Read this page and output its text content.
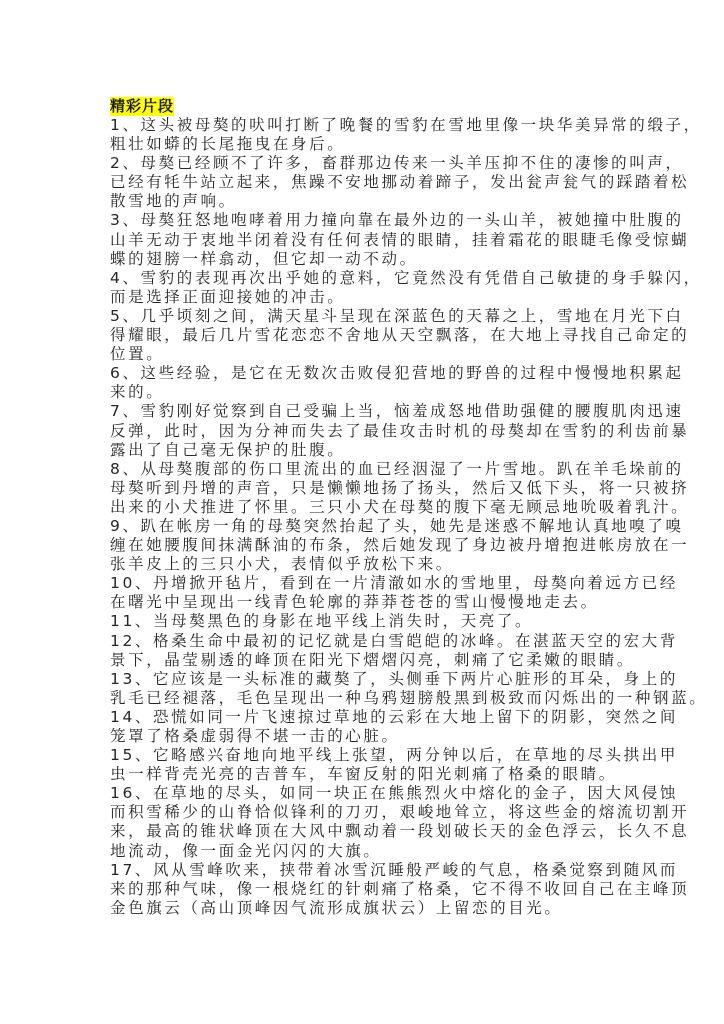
精彩片段
1、这头被母獒的吠叫打断了晚餐的雪豹在雪地里像一块华美异常的缎子，
粗壮如蟒的长尾拖曳在身后。
2、母獒已经顾不了许多，畜群那边传来一头羊压抑不住的凄惨的叫声，
已经有牦牛站立起来，焦躁不安地挪动着蹄子，发出瓮声瓮气的踩踏着松
散雪地的声响。
3、母獒狂怒地咆哮着用力撞向靠在最外边的一头山羊，被她撞中肚腹的
山羊无动于衷地半闭着没有任何表情的眼睛，挂着霜花的眼睫毛像受惊蝴
蝶的翅膀一样翕动，但它却一动不动。
4、雪豹的表现再次出乎她的意料，它竟然没有凭借自己敏捷的身手躲闪，
而是选择正面迎接她的冲击。
5、几乎顷刻之间，满天星斗呈现在深蓝色的天幕之上，雪地在月光下白
得耀眼，最后几片雪花恋恋不舍地从天空飘落，在大地上寻找自己命定的
位置。
6、这些经验，是它在无数次击败侵犯营地的野兽的过程中慢慢地积累起
来的。
7、雪豹刚好觉察到自己受骗上当，恼羞成怒地借助强健的腰腹肌肉迅速
反弹，此时，因为分神而失去了最佳攻击时机的母獒却在雪豹的利齿前暴
露出了自己毫无保护的肚腹。
8、从母獒腹部的伤口里流出的血已经洇湿了一片雪地。趴在羊毛垛前的
母獒听到丹增的声音，只是懒懒地扬了扬头，然后又低下头，将一只被挤
出来的小犬推进了怀里。三只小犬在母獒的腹下毫无顾忌地吮吸着乳汁。
9、趴在帐房一角的母獒突然抬起了头，她先是迷惑不解地认真地嗅了嗅
缠在她腰腹间抹满酥油的布条，然后她发现了身边被丹增抱进帐房放在一
张羊皮上的三只小犬，表情似乎放松下来。
10、丹增掀开毡片，看到在一片清澈如水的雪地里，母獒向着远方已经
在曙光中呈现出一线青色轮廓的莽莽苍苍的雪山慢慢地走去。
11、当母獒黑色的身影在地平线上消失时，天亮了。
12、格桑生命中最初的记忆就是白雪皑皑的冰峰。在湛蓝天空的宏大背
景下，晶莹剔透的峰顶在阳光下熠熠闪亮，刺痛了它柔嫩的眼睛。
13、它应该是一头标准的藏獒了，头侧垂下两片心脏形的耳朵，身上的
乳毛已经褪落，毛色呈现出一种乌鸦翅膀般黑到极致而闪烁出的一种钢蓝。
14、恐慌如同一片飞速掠过草地的云彩在大地上留下的阴影，突然之间
笼罩了格桑虚弱得不堪一击的心脏。
15、它略感兴奋地向地平线上张望，两分钟以后，在草地的尽头拱出甲
虫一样背壳光亮的吉普车，车窗反射的阳光刺痛了格桑的眼睛。
16、在草地的尽头，如同一块正在熊熊烈火中熔化的金子，因大风侵蚀
而积雪稀少的山脊恰似锋利的刀刃，艰峻地耸立，将这些金的熔流切割开
来，最高的锥状峰顶在大风中飘动着一段划破长天的金色浮云，长久不息
地流动，像一面金光闪闪的大旗。
17、风从雪峰吹来，挟带着冰雪沉睡般严峻的气息，格桑觉察到随风而
来的那种气味，像一根烧红的针刺痛了格桑，它不得不收回自己在主峰顶
金色旗云（高山顶峰因气流形成旗状云）上留恋的目光。
